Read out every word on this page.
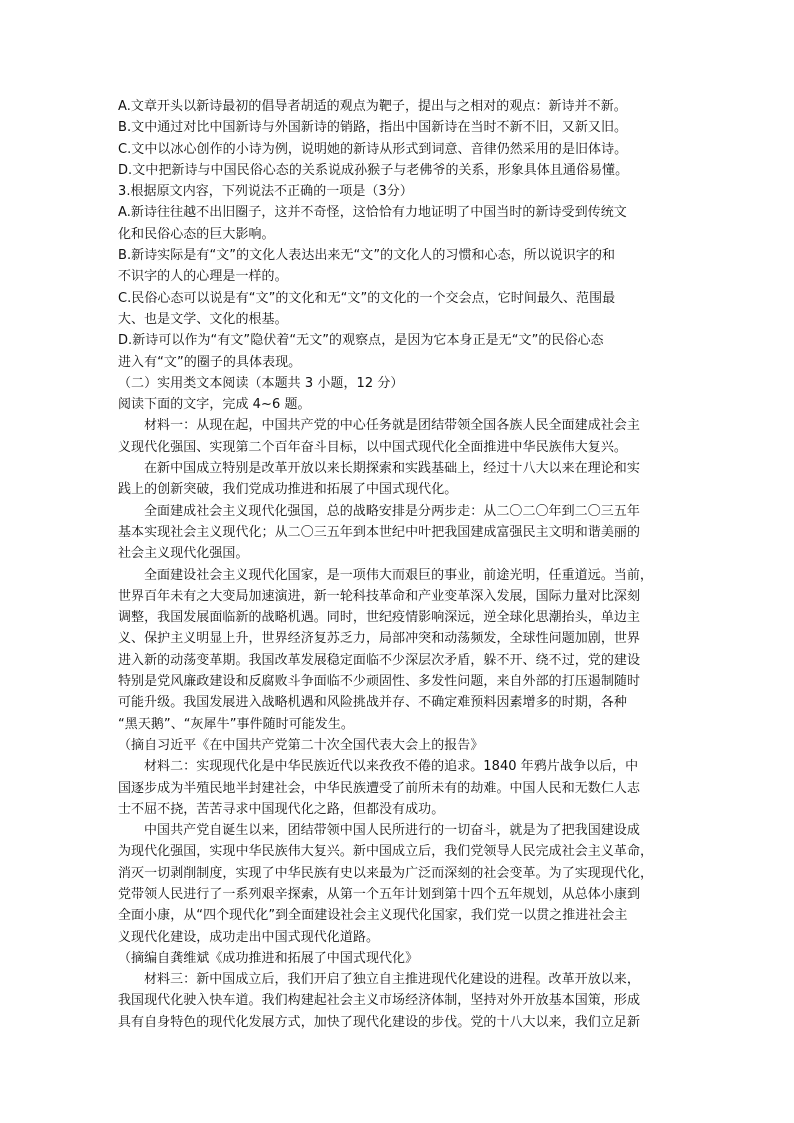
A.文章开头以新诗最初的倡导者胡适的观点为靶子，提出与之相对的观点：新诗并不新。
B.文中通过对比中国新诗与外国新诗的销路，指出中国新诗在当时不新不旧，又新又旧。
C.文中以冰心创作的小诗为例，说明她的新诗从形式到词意、音律仍然采用的是旧体诗。
D.文中把新诗与中国民俗心态的关系说成孙猴子与老佛爷的关系，形象具体且通俗易懂。
3.根据原文内容，下列说法不正确的一项是（3分）
A.新诗往往越不出旧圈子，这并不奇怪，这恰恰有力地证明了中国当时的新诗受到传统文
化和民俗心态的巨大影响。
B.新诗实际是有“文”的文化人表达出来无“文”的文化人的习惯和心态，所以说识字的和
不识字的人的心理是一样的。
C.民俗心态可以说是有“文”的文化和无“文”的文化的一个交会点，它时间最久、范围最
大、也是文学、文化的根基。
D.新诗可以作为“有文”隐伏着“无文”的观察点，是因为它本身正是无“文”的民俗心态
进入有“文”的圈子的具体表现。
（二）实用类文本阅读（本题共 3 小题，12 分）
阅读下面的文字，完成 4~6 题。
材料一：从现在起，中国共产党的中心任务就是团结带领全国各族人民全面建成社会主
义现代化强国、实现第二个百年奋斗目标，以中国式现代化全面推进中华民族伟大复兴。
在新中国成立特别是改革开放以来长期探索和实践基础上，经过十八大以来在理论和实
践上的创新突破，我们党成功推进和拓展了中国式现代化。
全面建成社会主义现代化强国，总的战略安排是分两步走：从二〇二〇年到二〇三五年
基本实现社会主义现代化；从二〇三五年到本世纪中叶把我国建成富强民主文明和谐美丽的
社会主义现代化强国。
全面建设社会主义现代化国家，是一项伟大而艰巨的事业，前途光明，任重道远。当前，
世界百年未有之大变局加速演进，新一轮科技革命和产业变革深入发展，国际力量对比深刻
调整，我国发展面临新的战略机遇。同时，世纪疫情影响深远，逆全球化思潮抬头，单边主
义、保护主义明显上升，世界经济复苏乏力，局部冲突和动荡频发，全球性问题加剧，世界
进入新的动荡变革期。我国改革发展稳定面临不少深层次矛盾，躲不开、绕不过，党的建设
特别是党风廉政建设和反腐败斗争面临不少顽固性、多发性问题，来自外部的打压遏制随时
可能升级。我国发展进入战略机遇和风险挑战并存、不确定难预料因素增多的时期，各种
“黑天鹅”、“灰犀牛”事件随时可能发生。
（摘自习近平《在中国共产党第二十次全国代表大会上的报告》
材料二：实现现代化是中华民族近代以来孜孜不倦的追求。1840 年鸦片战争以后，中
国逐步成为半殖民地半封建社会，中华民族遭受了前所未有的劫难。中国人民和无数仁人志
士不屈不挠，苦苦寻求中国现代化之路，但都没有成功。
中国共产党自诞生以来，团结带领中国人民所进行的一切奋斗，就是为了把我国建设成
为现代化强国，实现中华民族伟大复兴。新中国成立后，我们党领导人民完成社会主义革命，
消灭一切剥削制度，实现了中华民族有史以来最为广泛而深刻的社会变革。为了实现现代化，
党带领人民进行了一系列艰辛探索，从第一个五年计划到第十四个五年规划，从总体小康到
全面小康，从“四个现代化”到全面建设社会主义现代化国家，我们党一以贯之推进社会主
义现代化建设，成功走出中国式现代化道路。
（摘编自龚维斌《成功推进和拓展了中国式现代化》
材料三：新中国成立后，我们开启了独立自主推进现代化建设的进程。改革开放以来，
我国现代化驶入快车道。我们构建起社会主义市场经济体制，坚持对外开放基本国策，形成
具有自身特色的现代化发展方式，加快了现代化建设的步伐。党的十八大以来，我们立足新
